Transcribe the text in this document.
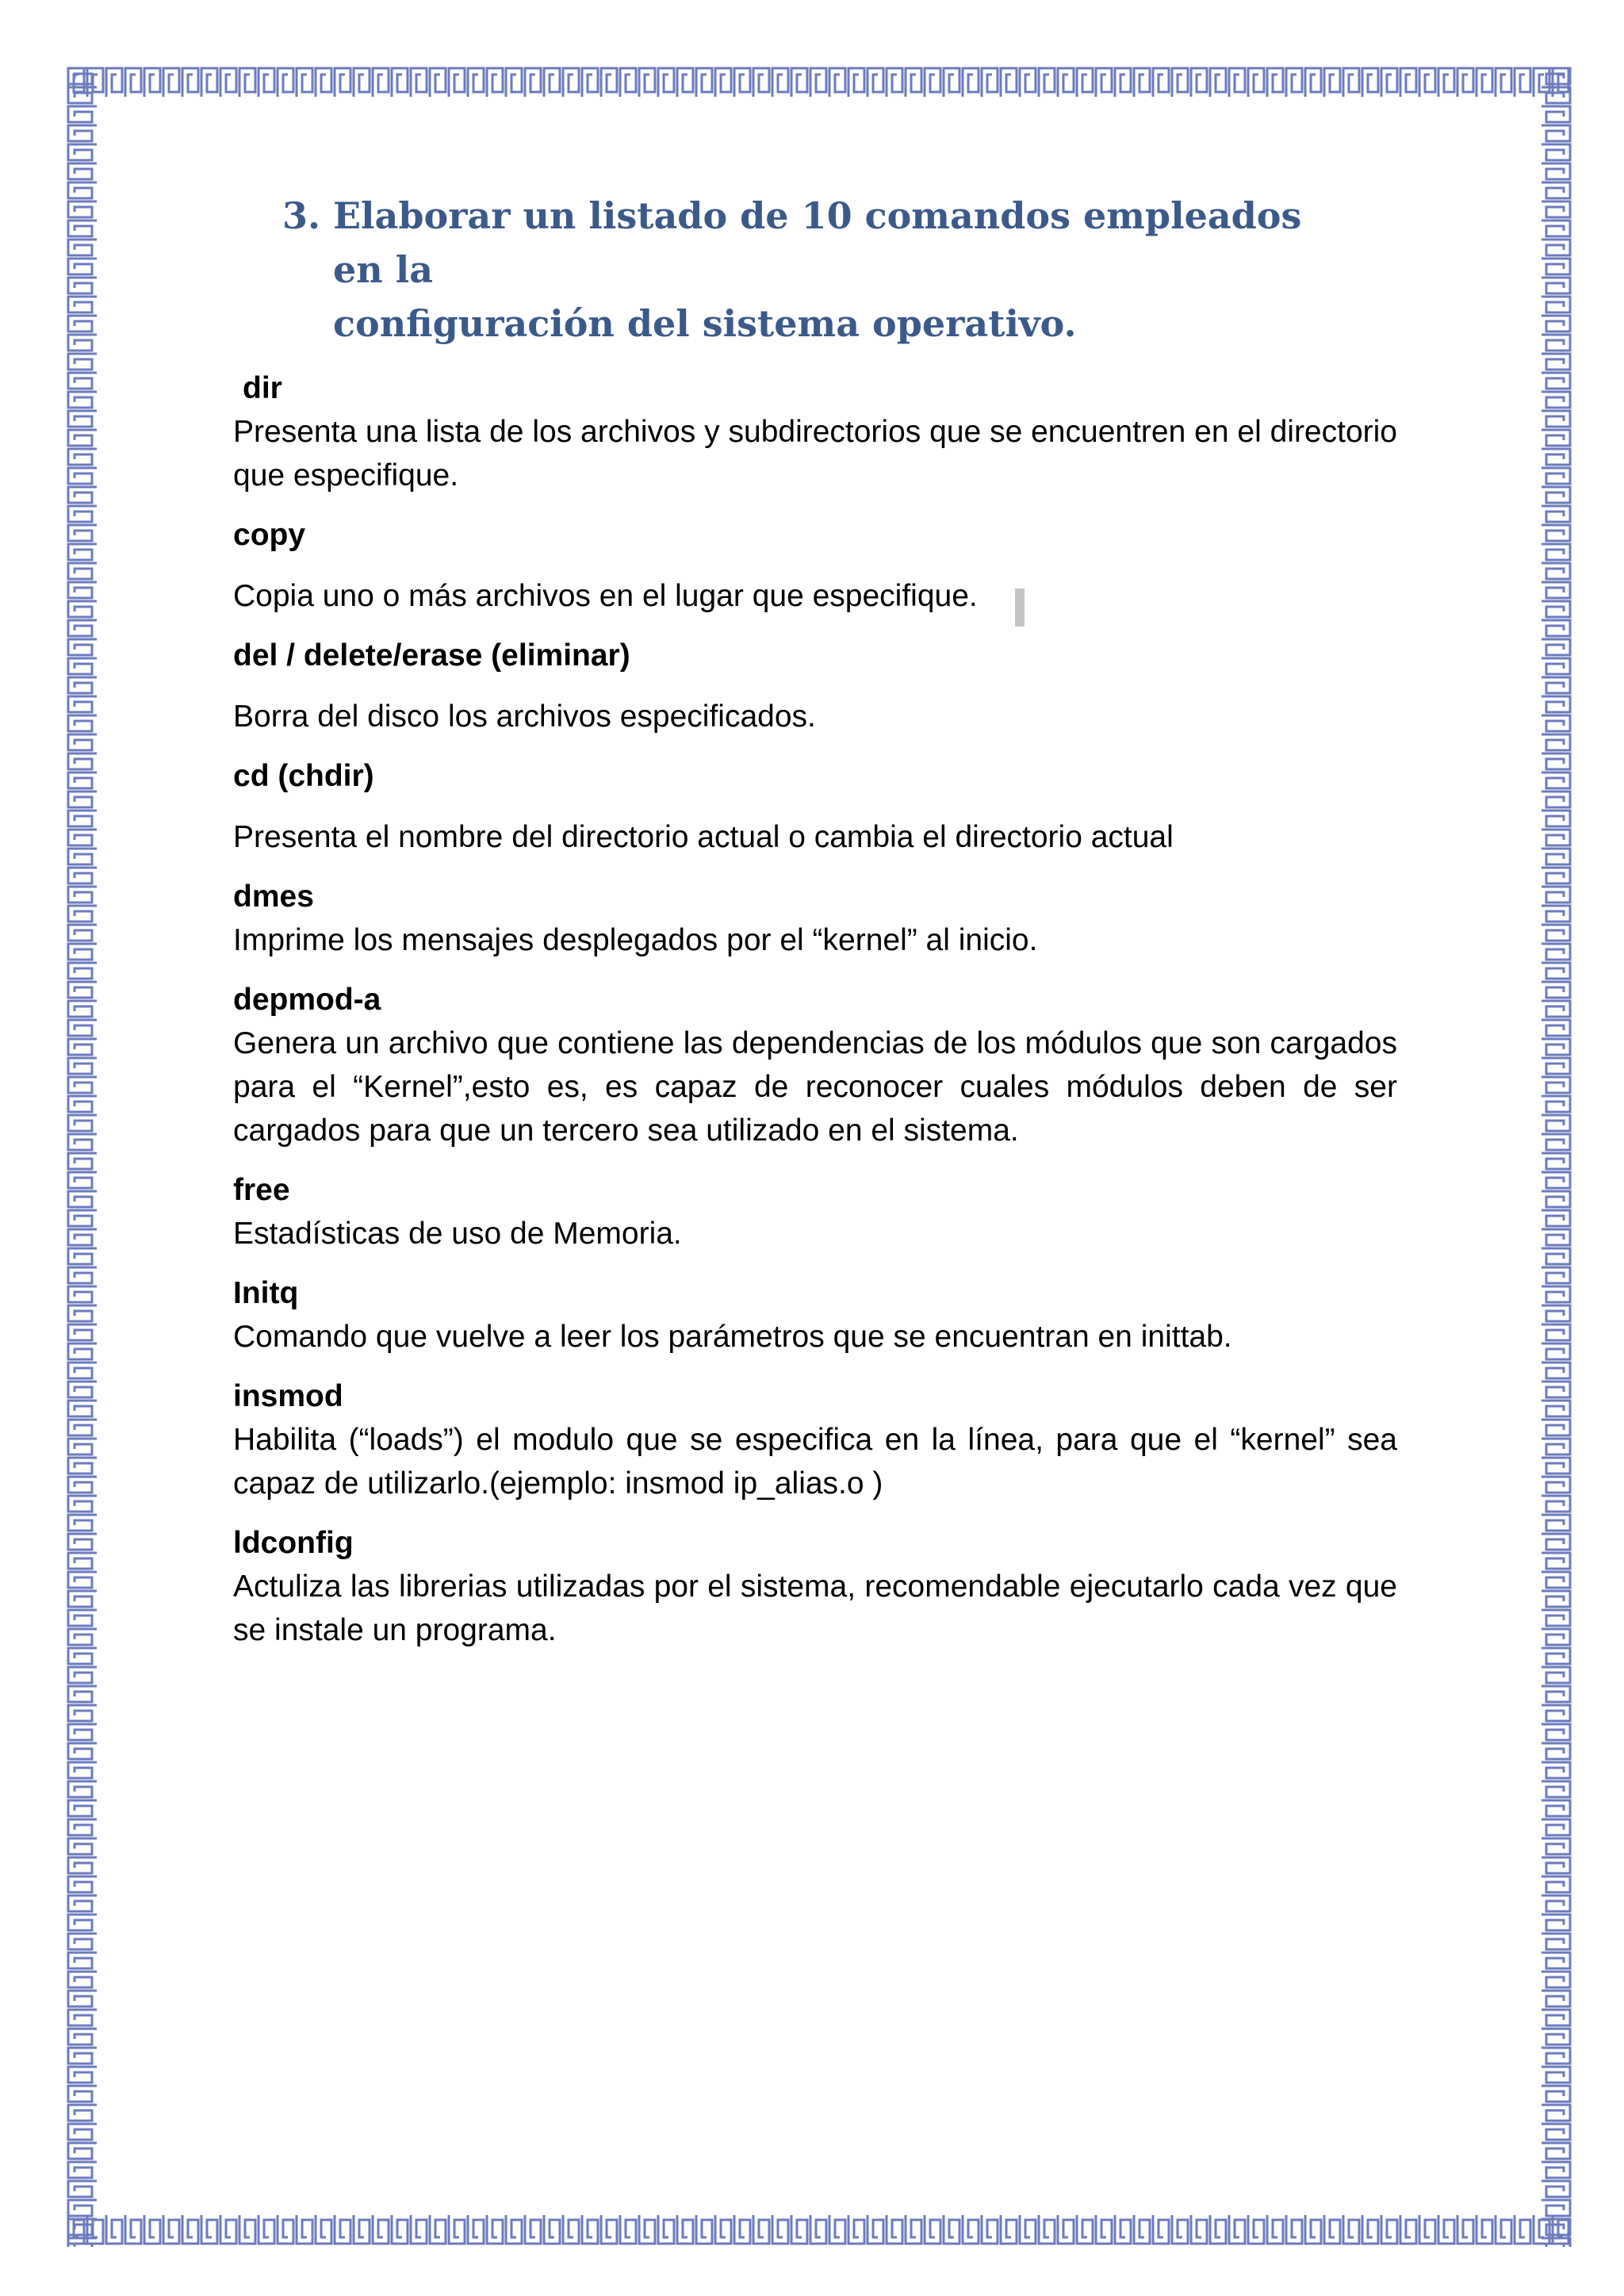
3. Elaborar un listado de 10 comandos empleados en la
configuración del sistema operativo.
dir
Presenta una lista de los archivos y subdirectorios que se encuentren en el directorio que especifique.
copy
Copia uno o más archivos en el lugar que especifique.
del / delete/erase (eliminar)
Borra del disco los archivos especificados.
cd (chdir)
Presenta el nombre del directorio actual o cambia el directorio actual
dmes
Imprime los mensajes desplegados por el “kernel” al inicio.
depmod-a
Genera un archivo que contiene las dependencias de los módulos que son cargados para el “Kernel”,esto es, es capaz de reconocer cuales módulos deben de ser cargados para que un tercero sea utilizado en el sistema.
free
Estadísticas de uso de Memoria.
Initq
Comando que vuelve a leer los parámetros que se encuentran en inittab.
insmod
Habilita (“loads”) el modulo que se especifica en la línea, para que el “kernel” sea capaz de utilizarlo.(ejemplo: insmod ip_alias.o )
ldconfig
Actuliza las librerias utilizadas por el sistema, recomendable ejecutarlo cada vez que se instale un programa.
